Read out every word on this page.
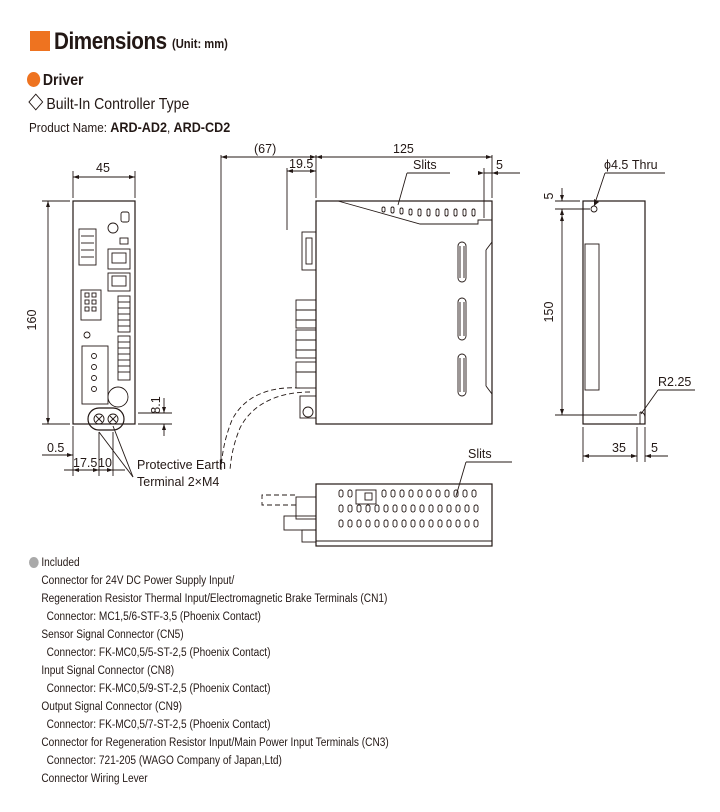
Dimensions (Unit: mm)
Driver
Built-In Controller Type
Product Name: ARD-AD2, ARD-CD2
45
160
8.1
0.5
17.5 10 Protective Earth
Terminal 2×M4
(67)
19.5
125
5
Slits	ϕ4.5 Thru
5
150
R2.25
35 5
Slits
Included
Connector for 24V DC Power Supply Input/
Regeneration Resistor Thermal Input/Electromagnetic Brake Terminals (CN1)
Connector: MC1,5/6-STF-3,5 (Phoenix Contact)
Sensor Signal Connector (CN5)
Connector: FK-MC0,5/5-ST-2,5 (Phoenix Contact)
Input Signal Connector (CN8)
Connector: FK-MC0,5/9-ST-2,5 (Phoenix Contact)
Output Signal Connector (CN9)
Connector: FK-MC0,5/7-ST-2,5 (Phoenix Contact)
Connector for Regeneration Resistor Input/Main Power Input Terminals (CN3)
Connector: 721-205 (WAGO Company of Japan,Ltd)
Connector Wiring Lever
